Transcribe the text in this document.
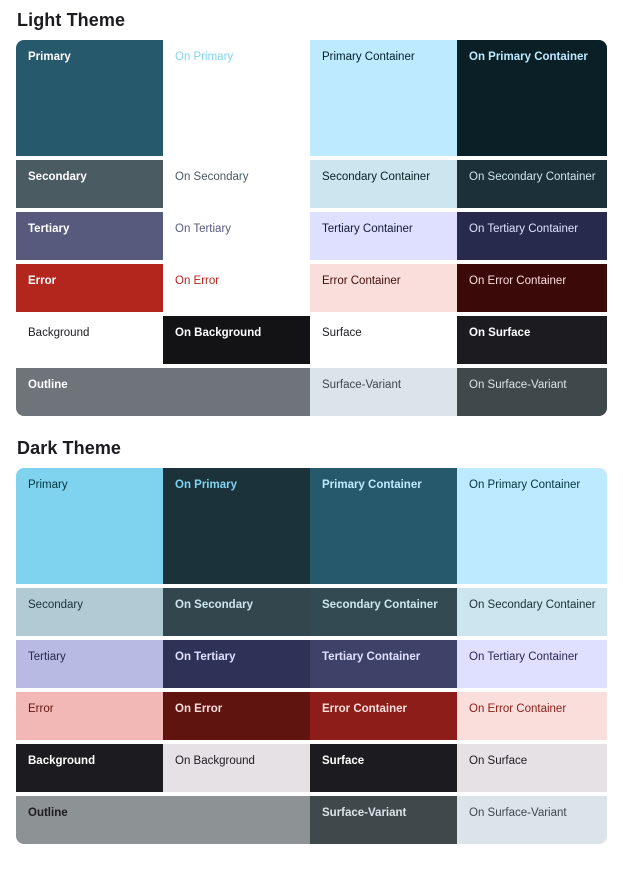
Light Theme
Primary	On Primary	Primary Container	On Primary Container
Secondary	On Secondary	Secondary Container	On Secondary Container
Tertiary	On Tertiary	Tertiary Container	On Tertiary Container
Error	On Error	Error Container	On Error Container
Background	On Background	Surface	On Surface
Outline	Surface-Variant	On Surface-Variant
Dark Theme
Primary	On Primary	Primary Container	On Primary Container
Secondary	On Secondary	Secondary Container	On Secondary Container
Tertiary	On Tertiary	Tertiary Container	On Tertiary Container
Error	On Error	Error Container	On Error Container
Background	On Background	Surface	On Surface
Outline	Surface-Variant	On Surface-Variant
